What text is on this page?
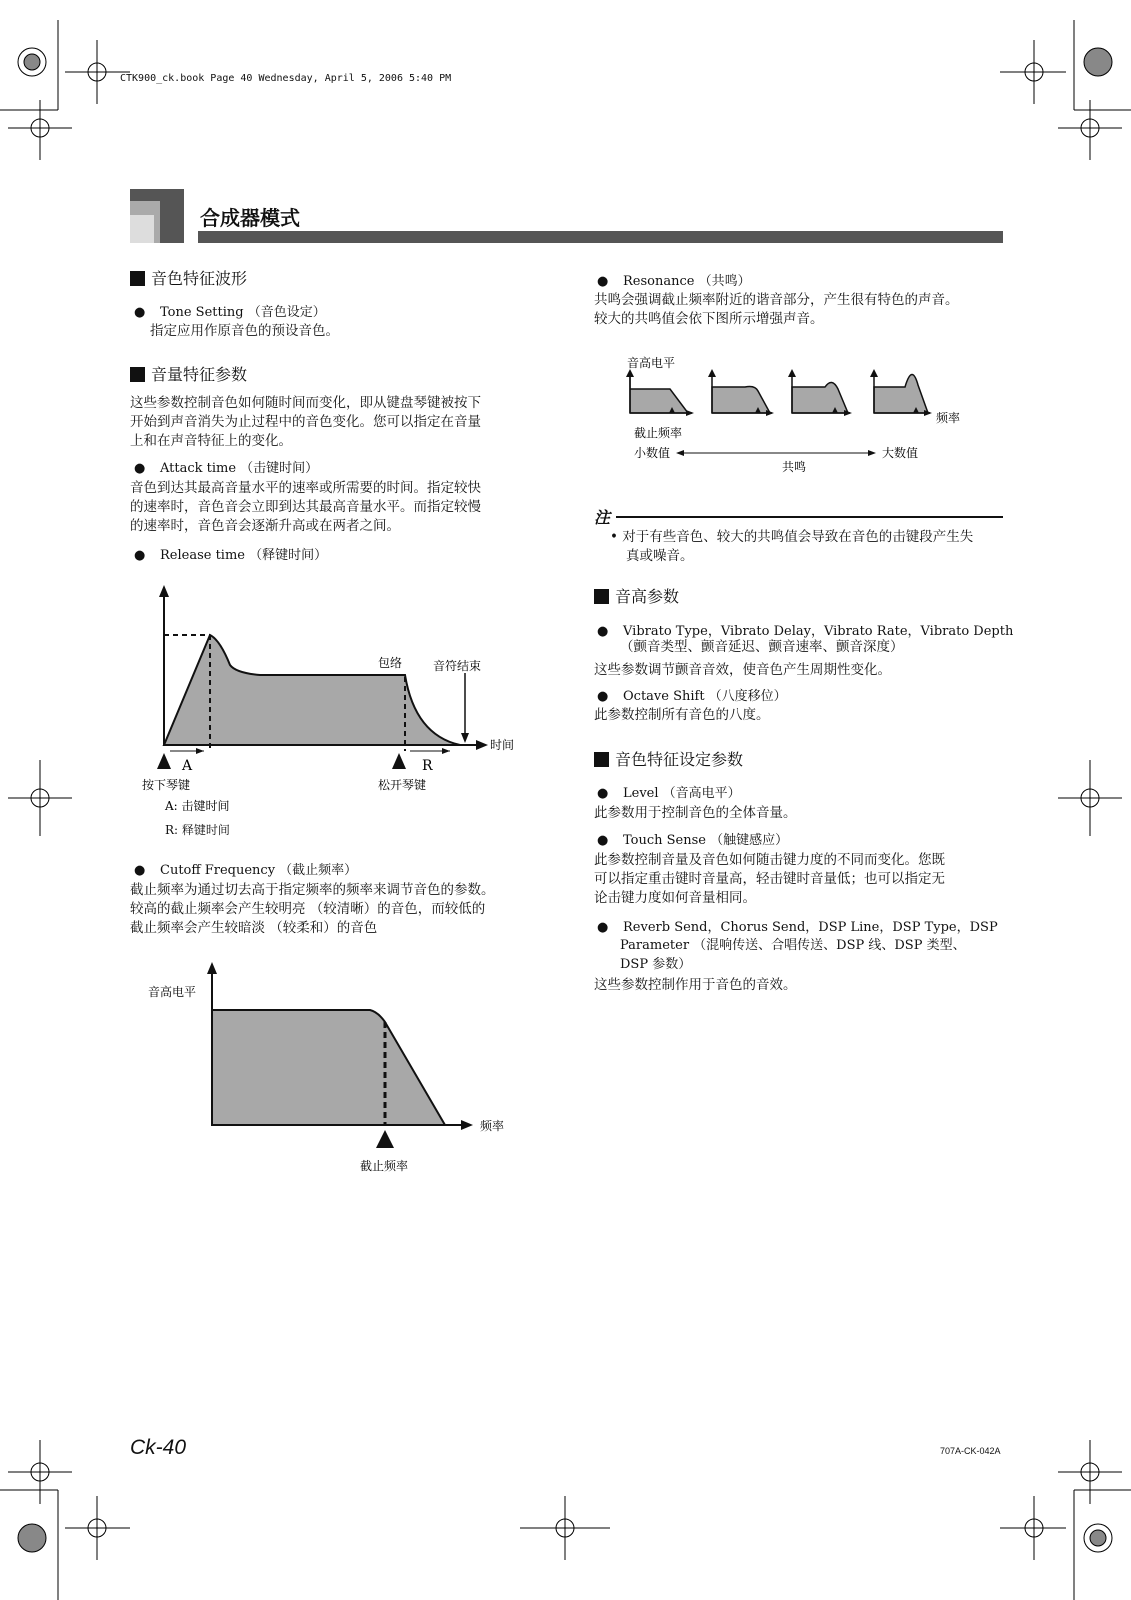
CTK900_ck.book Page 40 Wednesday, April 5, 2006 5:40 PM
合成器模式
音色特征波形
● Tone Setting （音色设定）
指定应用作原音色的预设音色。
音量特征参数
这些参数控制音色如何随时间而变化，即从键盘琴键被按下
开始到声音消失为止过程中的音色变化。您可以指定在音量
上和在声音特征上的变化。
● Attack time （击键时间）
音色到达其最高音量水平的速率或所需要的时间。指定较快
的速率时，音色音会立即到达其最高音量水平。而指定较慢
的速率时，音色音会逐渐升高或在两者之间。
● Release time （释键时间）
包络	音符结束
时间
A	R
按下琴键	松开琴键
A: 击键时间
R: 释键时间
● Cutoff Frequency （截止频率）
截止频率为通过切去高于指定频率的频率来调节音色的参数。
较高的截止频率会产生较明亮 （较清晰）的音色，而较低的
截止频率会产生较暗淡 （较柔和）的音色
音高电平
频率
截止频率
● Resonance （共鸣）
共鸣会强调截止频率附近的谐音部分，产生很有特色的声音。
较大的共鸣值会依下图所示增强声音。
音高电平
频率
截止频率
小数值	大数值
共鸣
注
• 对于有些音色、较大的共鸣值会导致在音色的击键段产生失
真或噪音。
音高参数
● Vibrato Type，Vibrato Delay，Vibrato Rate，Vibrato Depth
（颤音类型、颤音延迟、颤音速率、颤音深度）
这些参数调节颤音音效，使音色产生周期性变化。
● Octave Shift （八度移位）
此参数控制所有音色的八度。
音色特征设定参数
● Level （音高电平）
此参数用于控制音色的全体音量。
● Touch Sense （触键感应）
此参数控制音量及音色如何随击键力度的不同而变化。您既
可以指定重击键时音量高，轻击键时音量低；也可以指定无
论击键力度如何音量相同。
● Reverb Send，Chorus Send，DSP Line，DSP Type，DSP
Parameter （混响传送、合唱传送、DSP 线、DSP 类型、
DSP 参数）
这些参数控制作用于音色的音效。
Ck-40	707A-CK-042A
